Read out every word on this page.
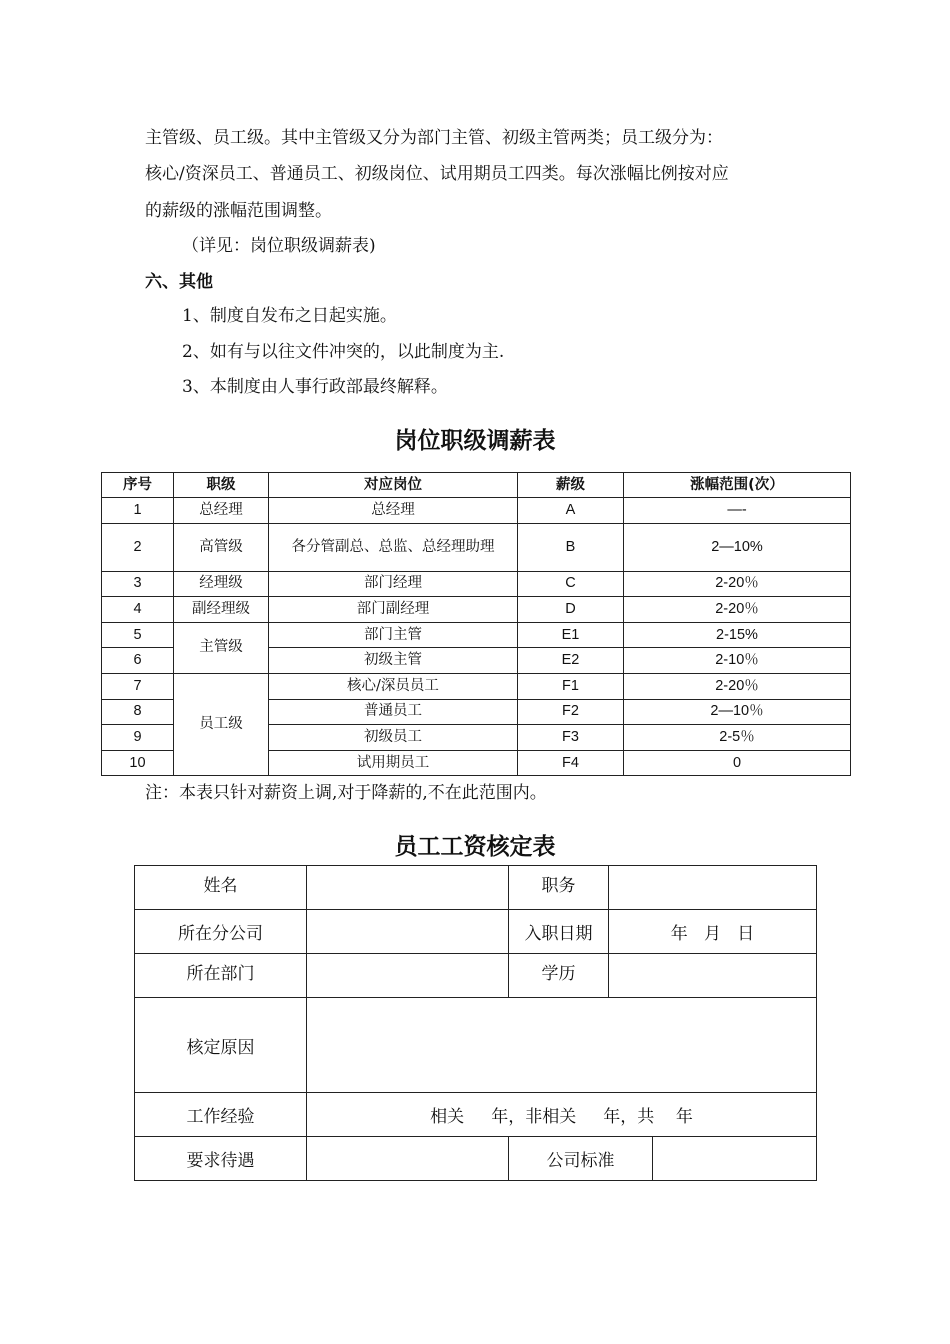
主管级、员工级。其中主管级又分为部门主管、初级主管两类；员工级分为：
核心/资深员工、普通员工、初级岗位、试用期员工四类。每次涨幅比例按对应
的薪级的涨幅范围调整。
（详见：岗位职级调薪表)
六、其他
1、制度自发布之日起实施。
2、如有与以往文件冲突的，以此制度为主.
3、本制度由人事行政部最终解释。
岗位职级调薪表
序号	职级	对应岗位	薪级	涨幅范围(次）
1	总经理	总经理	A	—-
2	高管级	各分管副总、总监、总经理助理	B	2—10%
3	经理级	部门经理	C	2-20％
4	副经理级	部门副经理	D	2-20％
5	主管级	部门主管	E1	2-15%
6		初级主管	E2	2-10％
7	员工级	核心/深员员工	F1	2-20％
8		普通员工	F2	2—10％
9		初级员工	F3	2-5％
10		试用期员工	F4	0
注：本表只针对薪资上调,对于降薪的,不在此范围内。
员工工资核定表
姓名		职务		
所在分公司		入职日期	年   月   日	
所在部门		学历		
核定原因				
工作经验	相关     年，非相关     年，共    年			
要求待遇		公司标准		
